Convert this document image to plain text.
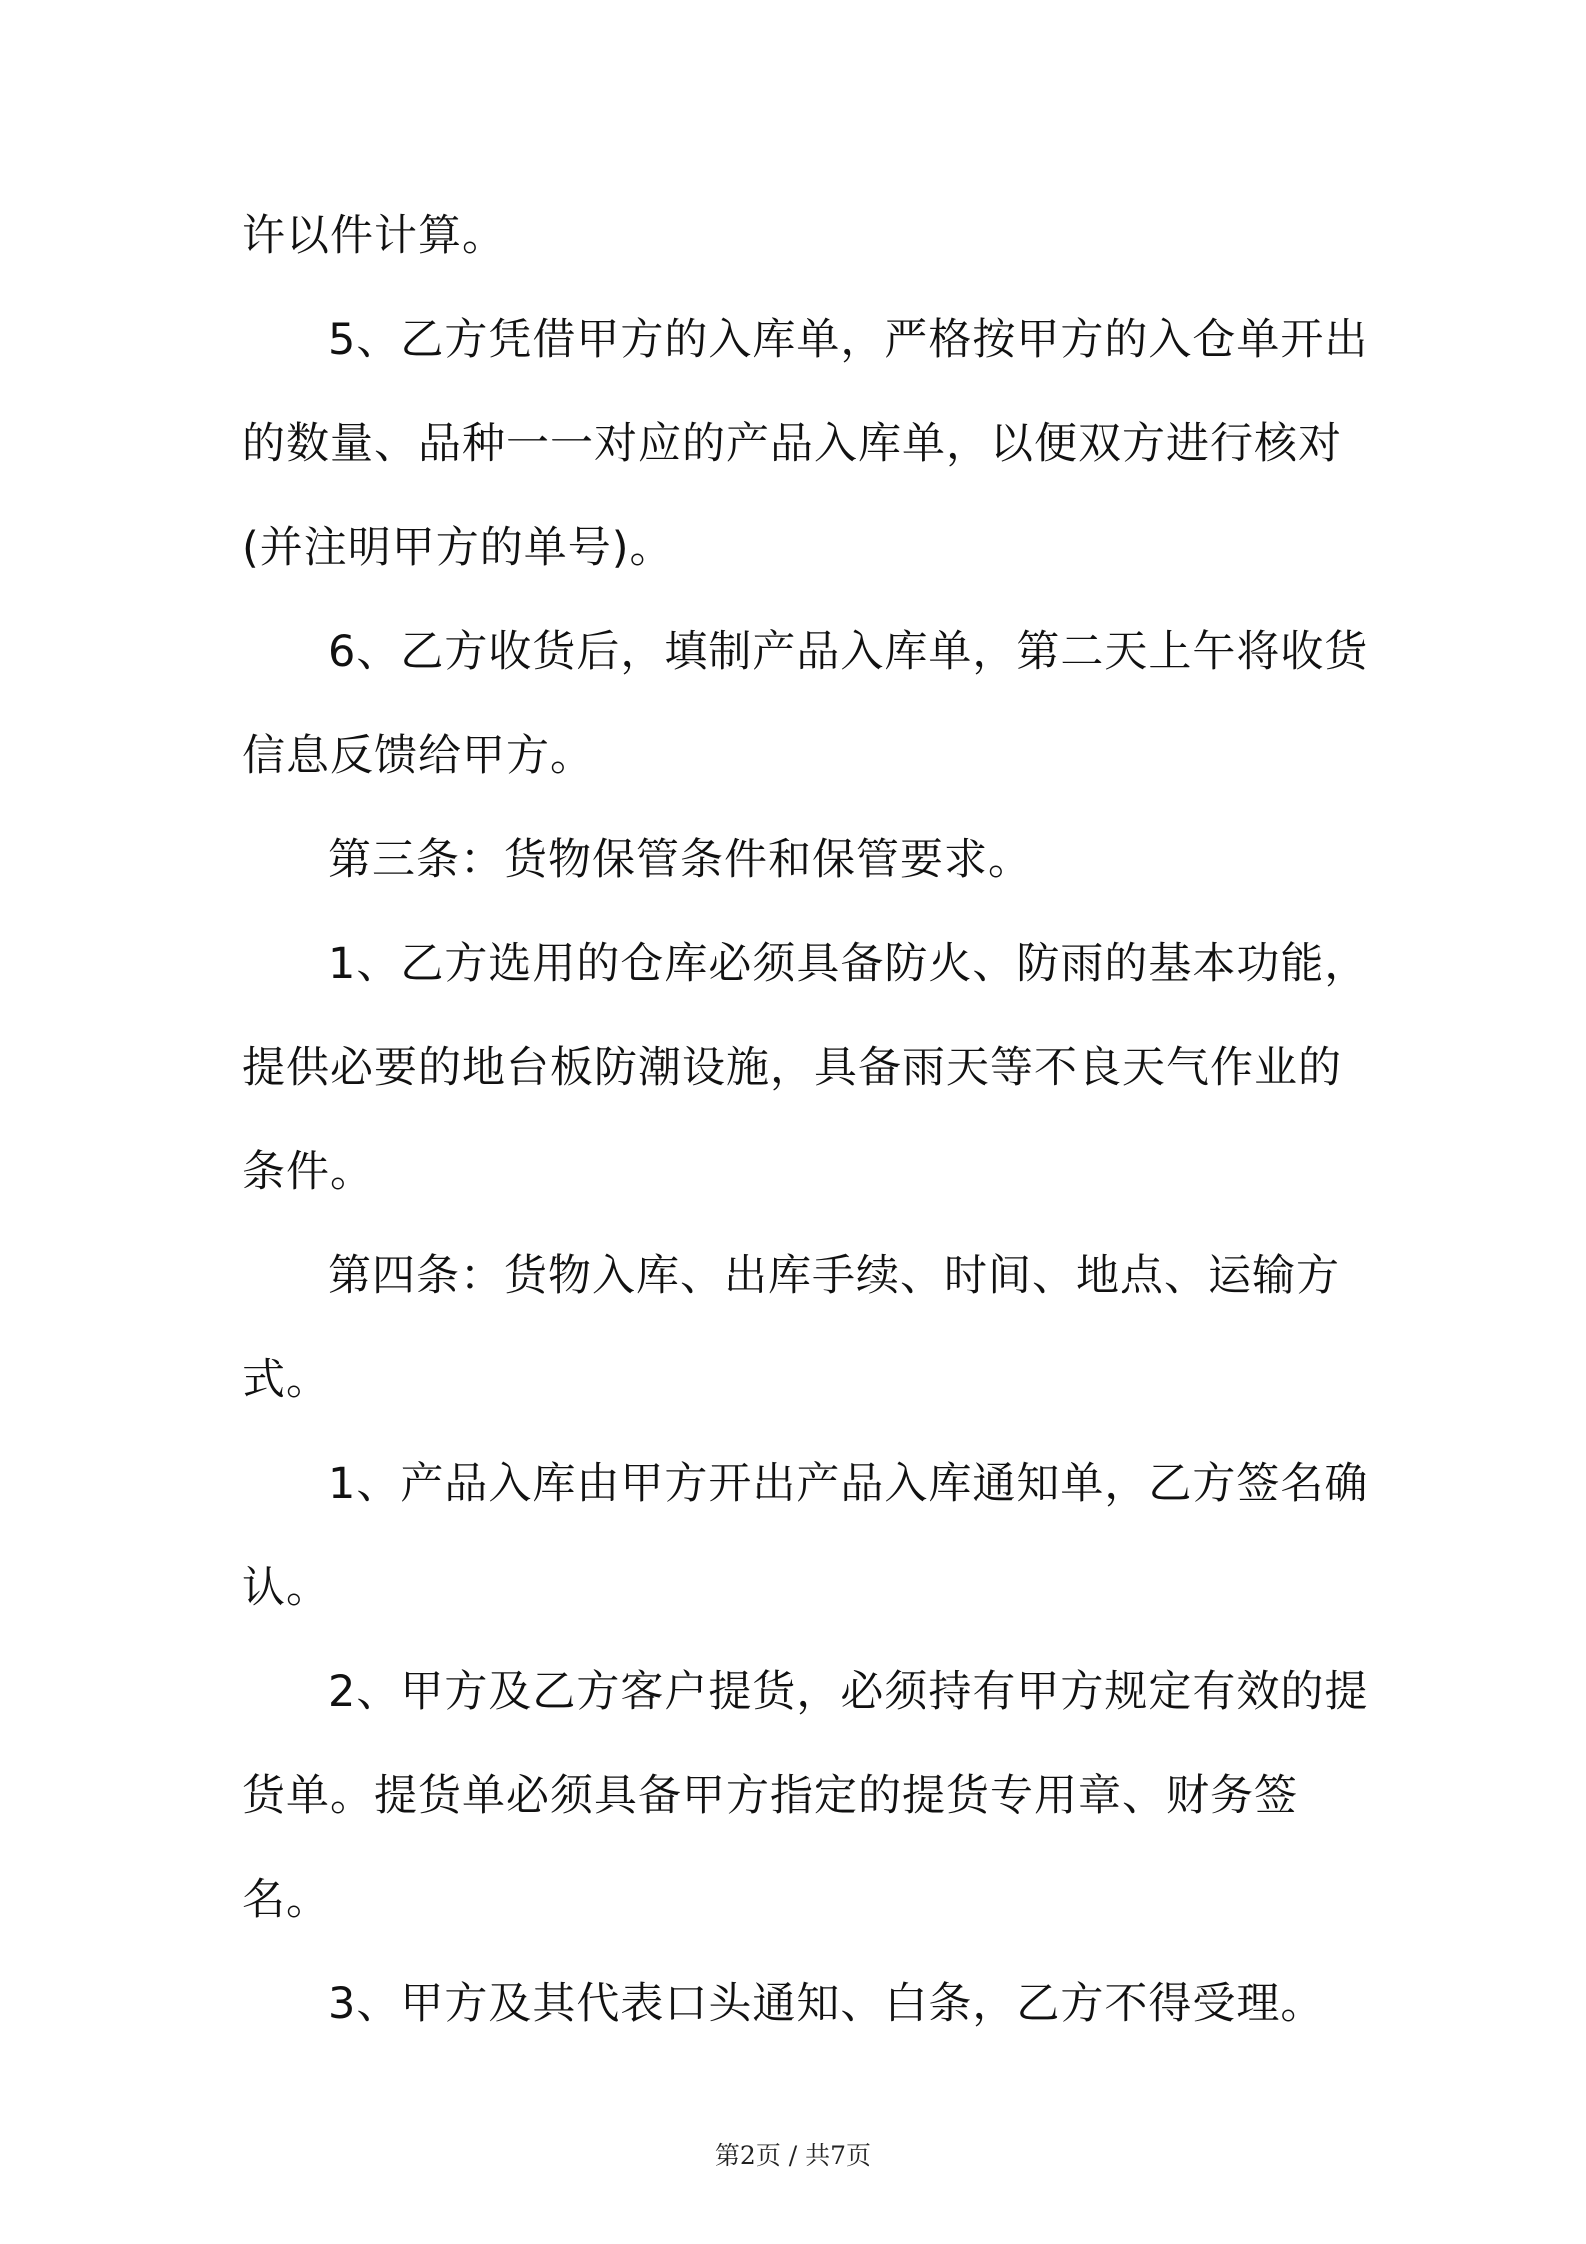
许以件计算。
5、乙方凭借甲方的入库单，严格按甲方的入仓单开出
的数量、品种一一对应的产品入库单，以便双方进行核对
(并注明甲方的单号)。
6、乙方收货后，填制产品入库单，第二天上午将收货
信息反馈给甲方。
第三条：货物保管条件和保管要求。
1、乙方选用的仓库必须具备防火、防雨的基本功能，
提供必要的地台板防潮设施，具备雨天等不良天气作业的
条件。
第四条：货物入库、出库手续、时间、地点、运输方
式。
1、产品入库由甲方开出产品入库通知单，乙方签名确
认。
2、甲方及乙方客户提货，必须持有甲方规定有效的提
货单。提货单必须具备甲方指定的提货专用章、财务签
名。
3、甲方及其代表口头通知、白条，乙方不得受理。
第2页 / 共7页
